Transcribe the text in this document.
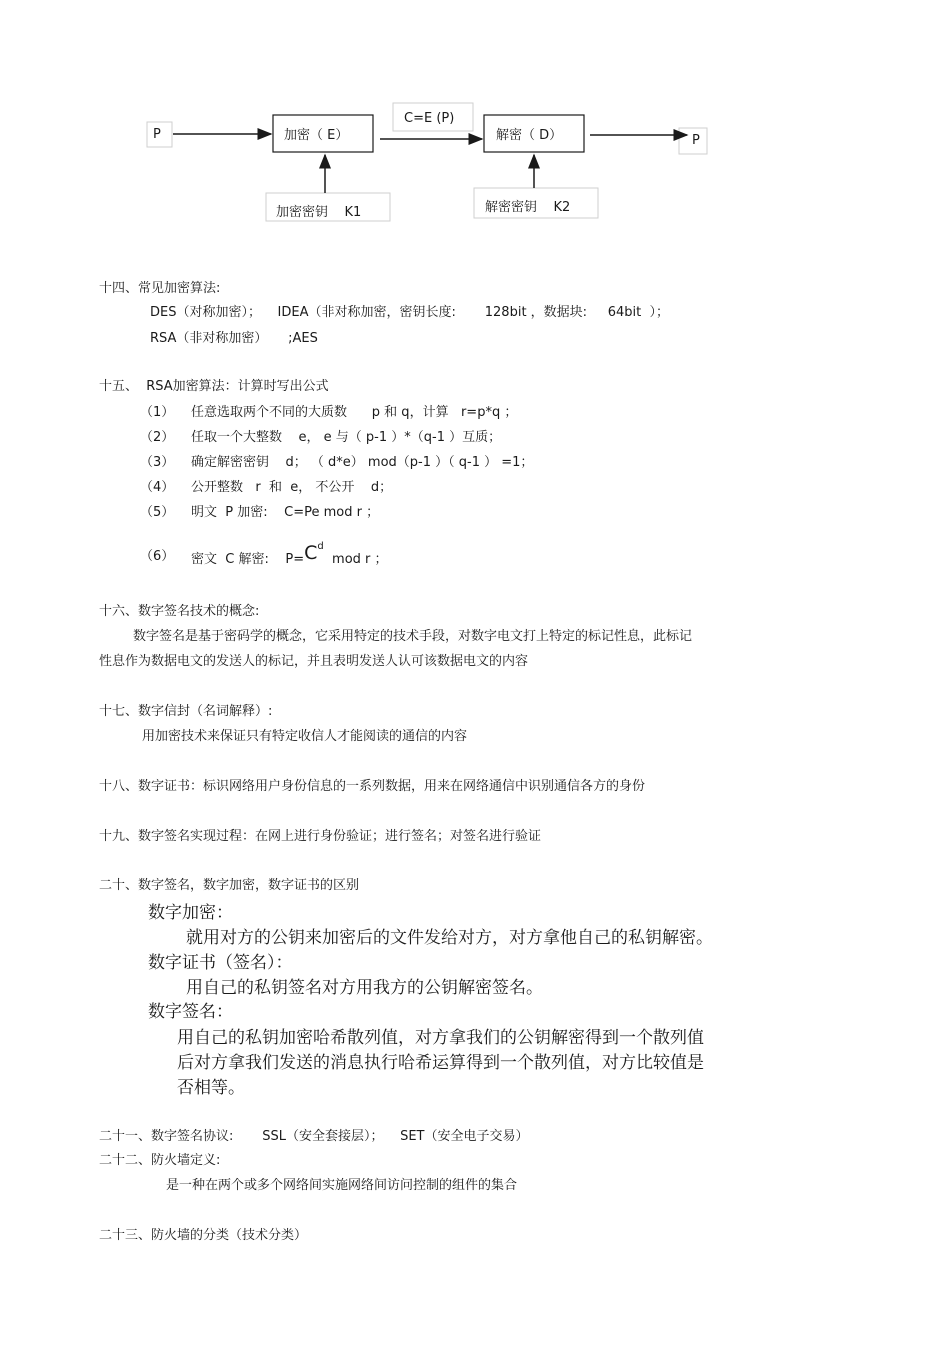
P	加密（ E）
C=E (P)
解密（ D）	P
加密密钥    K1	解密密钥    K2
十四、常见加密算法:
DES（对称加密）；    IDEA（非对称加密，密钥长度:       128bit ，数据块:     64bit  ）；
RSA（非对称加密）     ;AES
十五、  RSA加密算法：计算时写出公式
（1） 任意选取两个不同的大质数      p 和 q，计算   r=p*q ；
（2） 任取一个大整数    e， e 与（ p-1 ）*（q-1 ）互质；
（3） 确定解密密钥    d； （ d*e） mod（p-1 ）（ q-1 ） =1；
（4） 公开整数   r  和  e， 不公开    d；
（5） 明文  P 加密:    C=Pe mod r ；
（6） 密文  C 解密:    $P=C^d$  mod r ；
十六、数字签名技术的概念:
数字签名是基于密码学的概念，它采用特定的技术手段，对数字电文打上特定的标记性息，此标记
性息作为数据电文的发送人的标记，并且表明发送人认可该数据电文的内容
十七、数字信封（名词解释）:
用加密技术来保证只有特定收信人才能阅读的通信的内容
十八、数字证书：标识网络用户身份信息的一系列数据，用来在网络通信中识别通信各方的身份
十九、数字签名实现过程：在网上进行身份验证；进行签名；对签名进行验证
二十、数字签名，数字加密，数字证书的区别
数字加密：
就用对方的公钥来加密后的文件发给对方，对方拿他自己的私钥解密。
数字证书（签名）：
用自己的私钥签名对方用我方的公钥解密签名。
数字签名：
用自己的私钥加密哈希散列值，对方拿我们的公钥解密得到一个散列值
后对方拿我们发送的消息执行哈希运算得到一个散列值，对方比较值是
否相等。
二十一、数字签名协议:       SSL（安全套接层）；    SET（安全电子交易）
二十二、防火墙定义:
是一种在两个或多个网络间实施网络间访问控制的组件的集合
二十三、防火墙的分类（技术分类）
